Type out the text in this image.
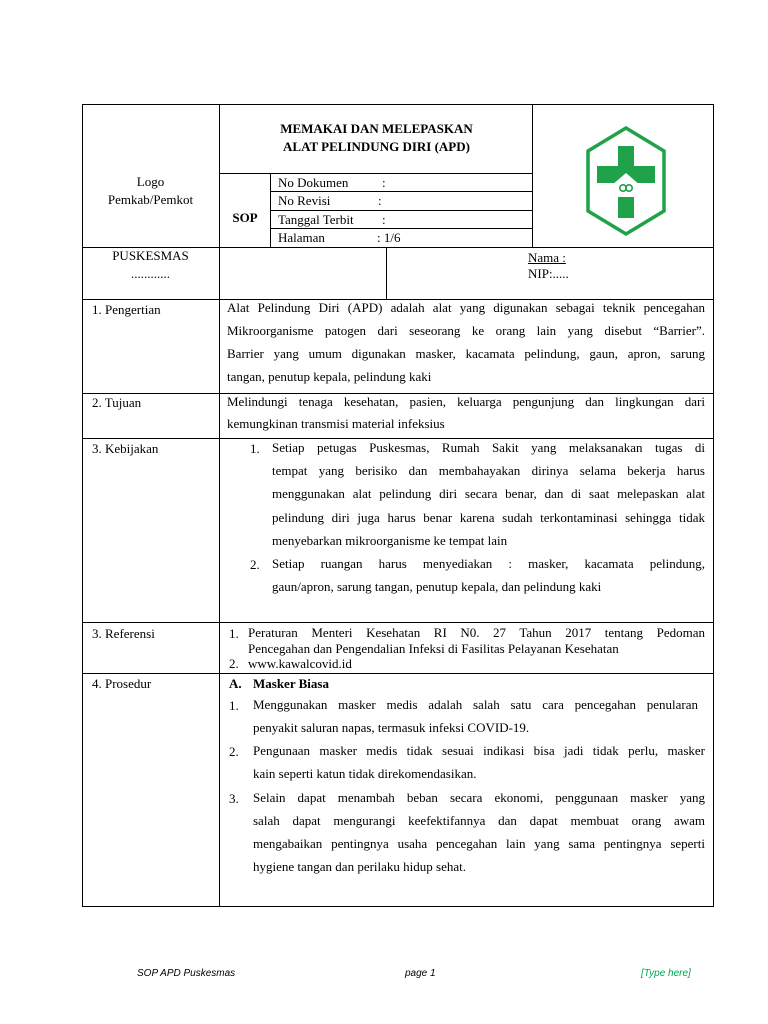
Logo
Pemkab/Pemkot
MEMAKAI DAN MELEPASKAN
ALAT PELINDUNG DIRI (APD)
SOP
No Dokumen	:
No Revisi	:
Tanggal Terbit :
Halaman	: 1/6
PUSKESMAS
............
Nama :
NIP:.....
1. Pengertian	Alat Pelindung Diri (APD) adalah alat yang digunakan sebagai teknik pencegahan
Mikroorganisme patogen dari seseorang ke orang lain yang disebut “Barrier”.
Barrier yang umum digunakan masker, kacamata pelindung, gaun, apron, sarung
tangan, penutup kepala, pelindung kaki
2. Tujuan	Melindungi tenaga kesehatan, pasien, keluarga pengunjung dan lingkungan dari
kemungkinan transmisi material infeksius
3. Kebijakan	1. Setiap petugas Puskesmas, Rumah Sakit yang melaksanakan tugas di
tempat yang berisiko dan membahayakan dirinya selama bekerja harus
menggunakan alat pelindung diri secara benar, dan di saat melepaskan alat
pelindung diri juga harus benar karena sudah terkontaminasi sehingga tidak
menyebarkan mikroorganisme ke tempat lain
2. Setiap ruangan harus menyediakan : masker, kacamata pelindung,
gaun/apron, sarung tangan, penutup kepala, dan pelindung kaki
3. Referensi	1. Peraturan Menteri Kesehatan RI N0. 27 Tahun 2017 tentang Pedoman
Pencegahan dan Pengendalian Infeksi di Fasilitas Pelayanan Kesehatan
2. www.kawalcovid.id
4. Prosedur	A. Masker Biasa
1. Menggunakan masker medis adalah salah satu cara pencegahan penularan
penyakit saluran napas, termasuk infeksi COVID-19.
2. Pengunaan masker medis tidak sesuai indikasi bisa jadi tidak perlu, masker
kain seperti katun tidak direkomendasikan.
3. Selain dapat menambah beban secara ekonomi, penggunaan masker yang
salah dapat mengurangi keefektifannya dan dapat membuat orang awam
mengabaikan pentingnya usaha pencegahan lain yang sama pentingnya seperti
hygiene tangan dan perilaku hidup sehat.
SOP APD Puskesmas	page 1	[Type here]
